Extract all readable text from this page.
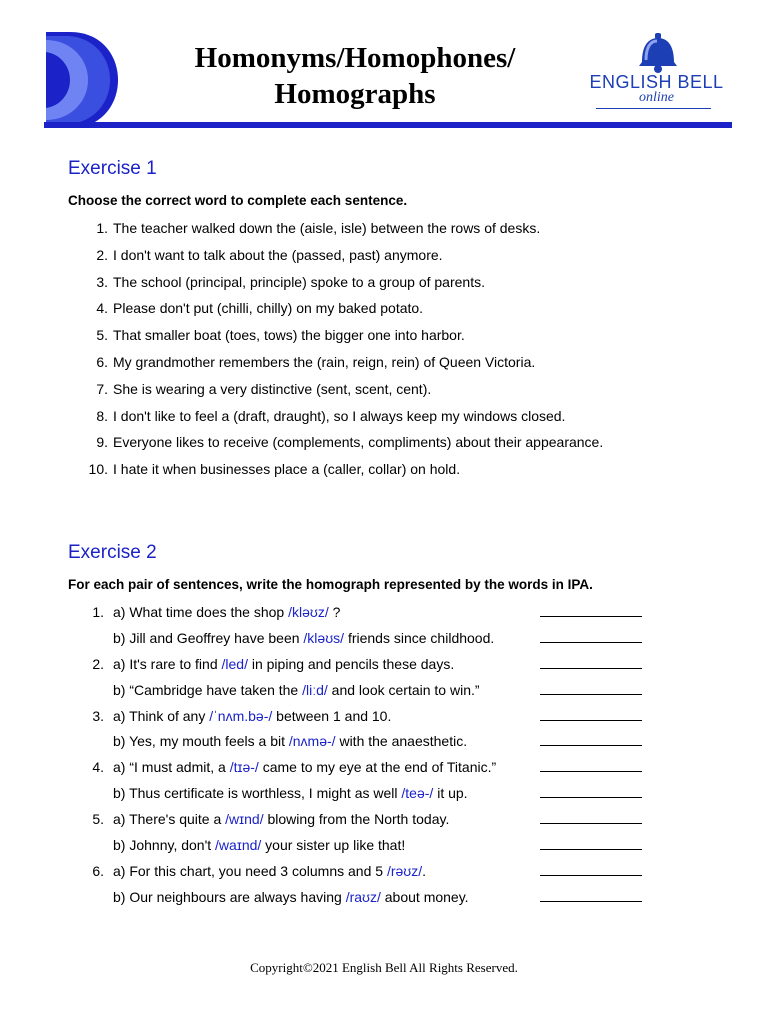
Homonyms/Homophones/
Homographs	ENGLISH BELL
online
Exercise 1
Choose the correct word to complete each sentence.
1. The teacher walked down the (aisle, isle) between the rows of desks.
2. I don't want to talk about the (passed, past) anymore.
3. The school (principal, principle) spoke to a group of parents.
4. Please don't put (chilli, chilly) on my baked potato.
5. That smaller boat (toes, tows) the bigger one into harbor.
6. My grandmother remembers the (rain, reign, rein) of Queen Victoria.
7. She is wearing a very distinctive (sent, scent, cent).
8. I don't like to feel a (draft, draught), so I always keep my windows closed.
9. Everyone likes to receive (complements, compliments) about their appearance.
10. I hate it when businesses place a (caller, collar) on hold.
Exercise 2
For each pair of sentences, write the homograph represented by the words in IPA.
1. a) What time does the shop /kləʊz/ ?
b) Jill and Geoffrey have been /kləʊs/ friends since childhood.
2. a) It's rare to find /led/ in piping and pencils these days.
b) “Cambridge have taken the /liːd/ and look certain to win.”
3. a) Think of any /ˈnʌm.bə-/ between 1 and 10.
b) Yes, my mouth feels a bit /nʌmə-/ with the anaesthetic.
4. a) “I must admit, a /tɪə-/ came to my eye at the end of Titanic.”
b) Thus certificate is worthless, I might as well /teə-/ it up.
5. a) There's quite a /wɪnd/ blowing from the North today.
b) Johnny, don't /waɪnd/ your sister up like that!
6. a) For this chart, you need 3 columns and 5 /rəʊz/.
b) Our neighbours are always having /raʊz/ about money.
Copyright©2021 English Bell All Rights Reserved.
